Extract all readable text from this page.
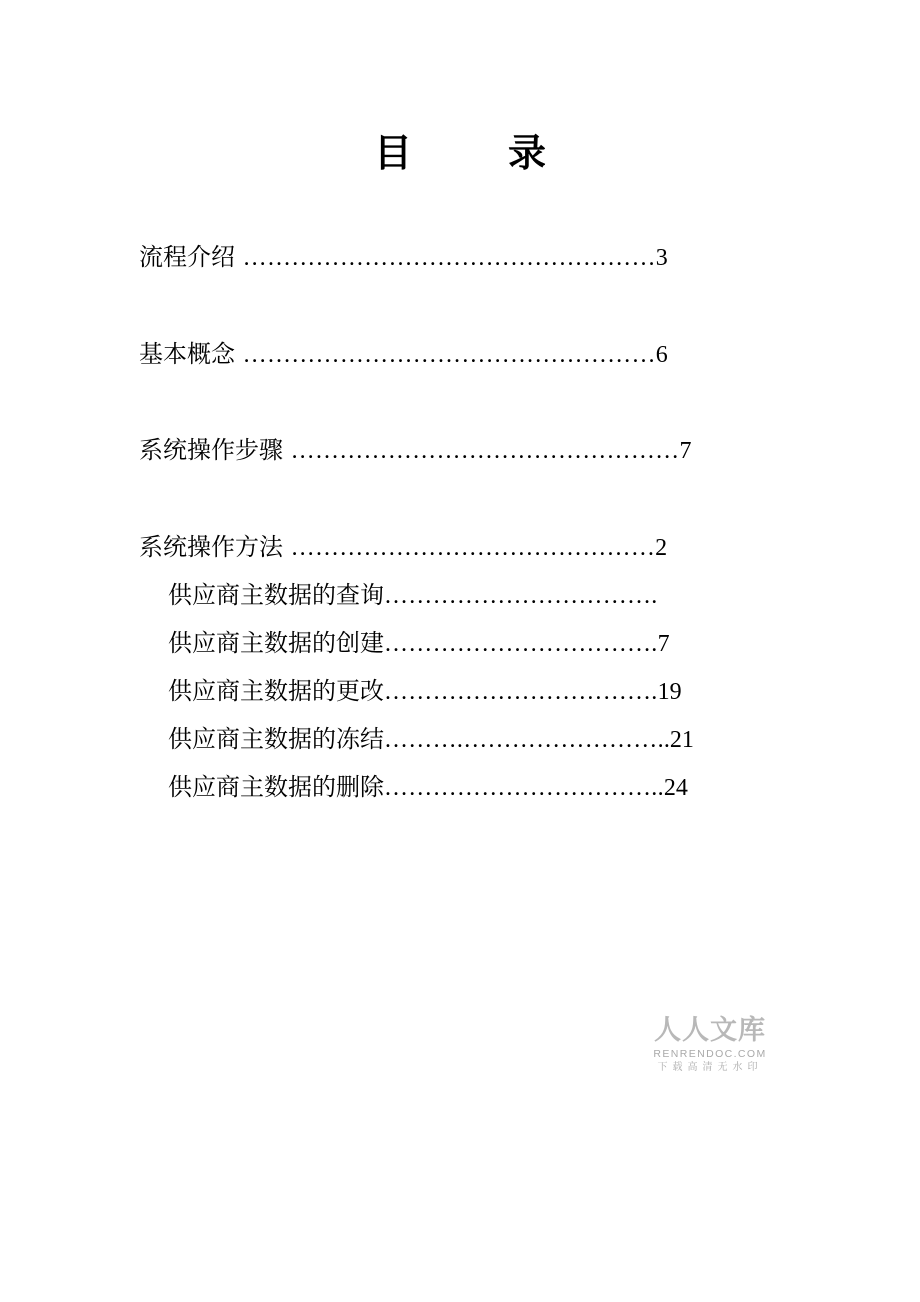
目	录
流程介绍 ……………………………………………3
基本概念 ……………………………………………6
系统操作步骤 …………………………………………7
系统操作方法 ………………………………………2
供应商主数据的查询…………………………….
供应商主数据的创建…………………………….7
供应商主数据的更改…………………………….19
供应商主数据的冻结……….……………………..21
供应商主数据的删除……………………………..24
人人文库
RENRENDOC.COM
下载高清无水印
